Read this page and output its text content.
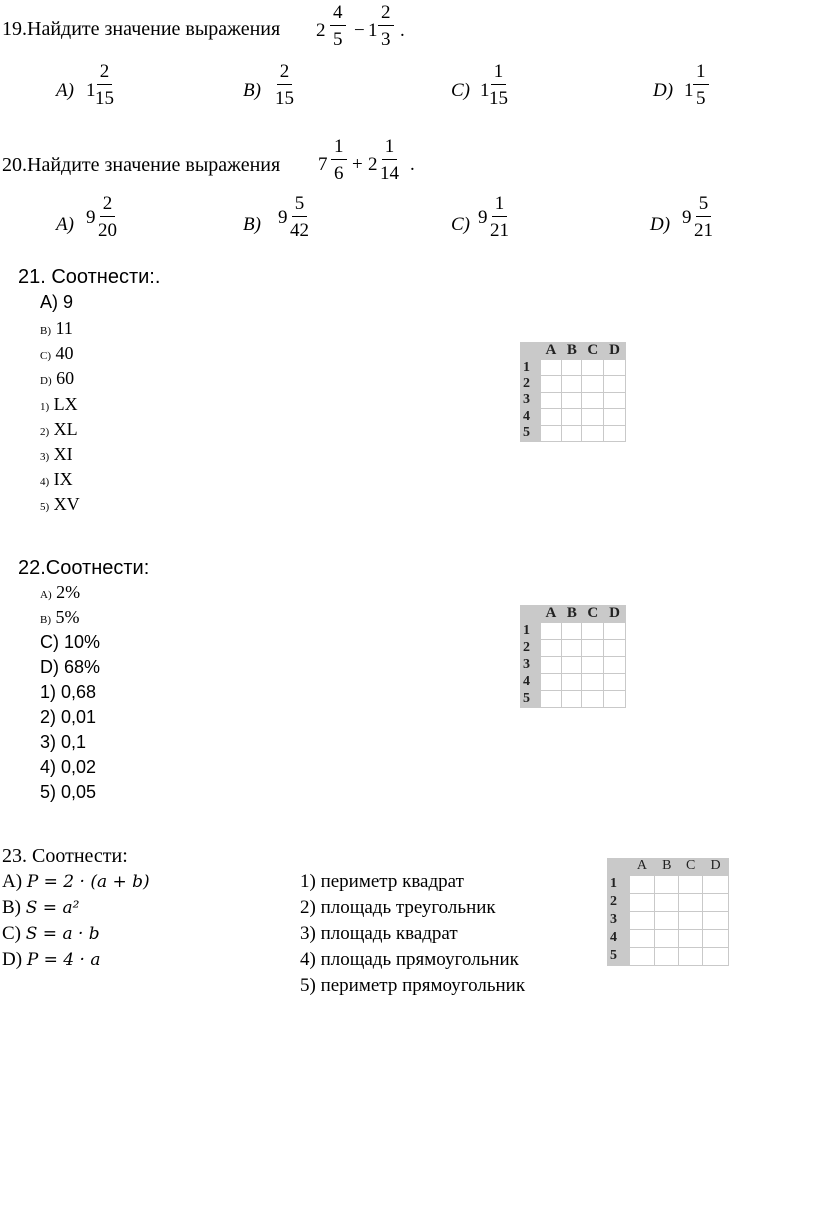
19.Найдите значение выражения $2 \frac{4}{5} - 1 \frac{2}{3}$ .
A) $1 \frac{2}{15}$	$B) \frac{2}{15}$	C) $1 \frac{1}{15}$	D) $1 \frac{1}{5}$
20.Найдите значение выражения $7 \frac{1}{6} + 2 \frac{1}{14}$ .
A) $9 \frac{2}{20}$	B) $9 \frac{5}{42}$	C) $9 \frac{1}{21}$	D) $9 \frac{5}{21}$
21. Соотнести:.
A) 9
B) 11
C) 40
D) 60
1) LX
2) XL
3) XI
4) IX
5) XV
	A	B	C	D
1				
2				
3				
4				
5				
22.Соотнести:
A) 2%
B) 5%
C) 10%
D) 68%
1) 0,68
2) 0,01
3) 0,1
4) 0,02
5) 0,05
	A	B	C	D
1				
2				
3				
4				
5				
23. Соотнести:
A) P = 2 · (a + b)
B) S = a²
C) S = a · b
D) P = 4 · a
1) периметр квадрат
2) площадь треугольник
3) площадь квадрат
4) площадь прямоугольник
5) периметр прямоугольник
	A	B	C	D
1				
2				
3				
4				
5				
